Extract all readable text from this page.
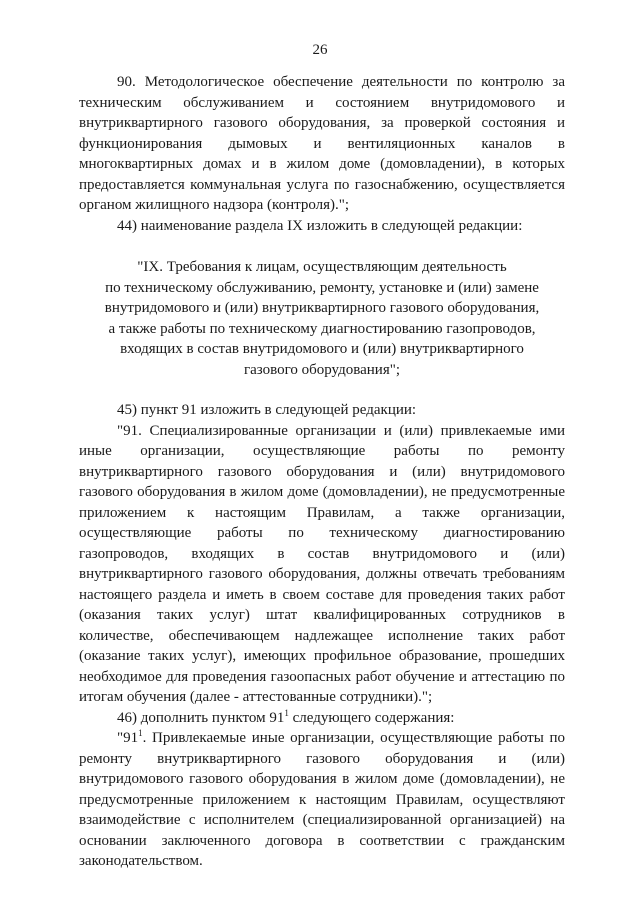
26

90. Методологическое обеспечение деятельности по контролю за техническим обслуживанием и состоянием внутридомового и внутриквартирного газового оборудования, за проверкой состояния и функционирования дымовых и вентиляционных каналов в многоквартирных домах и в жилом доме (домовладении), в которых предоставляется коммунальная услуга по газоснабжению, осуществляется органом жилищного надзора (контроля).";

44) наименование раздела IX изложить в следующей редакции:

"IX. Требования к лицам, осуществляющим деятельность
по техническому обслуживанию, ремонту, установке и (или) замене
внутридомового и (или) внутриквартирного газового оборудования,
а также работы по техническому диагностированию газопроводов,
входящих в состав внутридомового и (или) внутриквартирного
газового оборудования";

45) пункт 91 изложить в следующей редакции:

"91. Специализированные организации и (или) привлекаемые ими иные организации, осуществляющие работы по ремонту внутриквартирного газового оборудования и (или) внутридомового газового оборудования в жилом доме (домовладении), не предусмотренные приложением к настоящим Правилам, а также организации, осуществляющие работы по техническому диагностированию газопроводов, входящих в состав внутридомового и (или) внутриквартирного газового оборудования, должны отвечать требованиям настоящего раздела и иметь в своем составе для проведения таких работ (оказания таких услуг) штат квалифицированных сотрудников в количестве, обеспечивающем надлежащее исполнение таких работ (оказание таких услуг), имеющих профильное образование, прошедших необходимое для проведения газоопасных работ обучение и аттестацию по итогам обучения (далее - аттестованные сотрудники).";

46) дополнить пунктом $91^1$ следующего содержания:

"$91^1$. Привлекаемые иные организации, осуществляющие работы по ремонту внутриквартирного газового оборудования и (или) внутридомового газового оборудования в жилом доме (домовладении), не предусмотренные приложением к настоящим Правилам, осуществляют взаимодействие с исполнителем (специализированной организацией) на основании заключенного договора в соответствии с гражданским законодательством.
